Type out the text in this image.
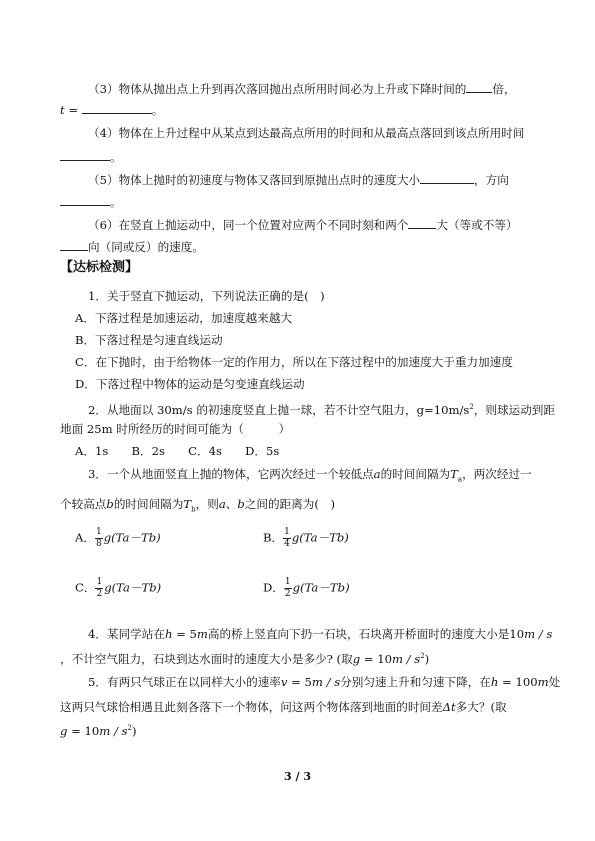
（3）物体从抛出点上升到再次落回抛出点所用时间必为上升或下降时间的 倍，
t =	。
（4）物体在上升过程中从某点到达最高点所用的时间和从最高点落回到该点所用时间
。
（5）物体上抛时的初速度与物体又落回到原抛出点时的速度大小	，方向
。
（6）在竖直上抛运动中，同一个位置对应两个不同时刻和两个 大（等或不等）
向（同或反）的速度。
【达标检测】
1．关于竖直下抛运动，下列说法正确的是(　)
A．下落过程是加速运动，加速度越来越大
B．下落过程是匀速直线运动
C．在下抛时，由于给物体一定的作用力，所以在下落过程中的加速度大于重力加速度
D．下落过程中物体的运动是匀变速直线运动
2．从地面以 30m/s 的初速度竖直上抛一球，若不计空气阻力，$g=10m/s^2$，则球运动到距
地面 25m 时所经历的时间可能为（　　　）
A．1s　　B．2s　　C．4s　　D．5s
3．一个从地面竖直上抛的物体，它两次经过一个较低点a的时间间隔为$T_a$，两次经过一
个较高点b的时间间隔为$T_b$，则a、b之间的距离为(　)
A． $\frac{1}{8} g(Ta-Tb)$	B． $\frac{1}{4} g(Ta-Tb)$
C． $\frac{1}{2} g(Ta-Tb)$	D． $\frac{1}{2} g(Ta-Tb)$
4．某同学站在h = 5m高的桥上竖直向下扔一石块，石块离开桥面时的速度大小是10m / s
，不计空气阻力，石块到达水面时的速度大小是多少? (取$g = 10m / s^2$)
5．有两只气球正在以同样大小的速率v = 5m / s分别匀速上升和匀速下降，在h = 100m处
这两只气球恰相遇且此刻各落下一个物体，问这两个物体落到地面的时间差Δt多大？(取
$g = 10m / s^2$)
3 / 3
